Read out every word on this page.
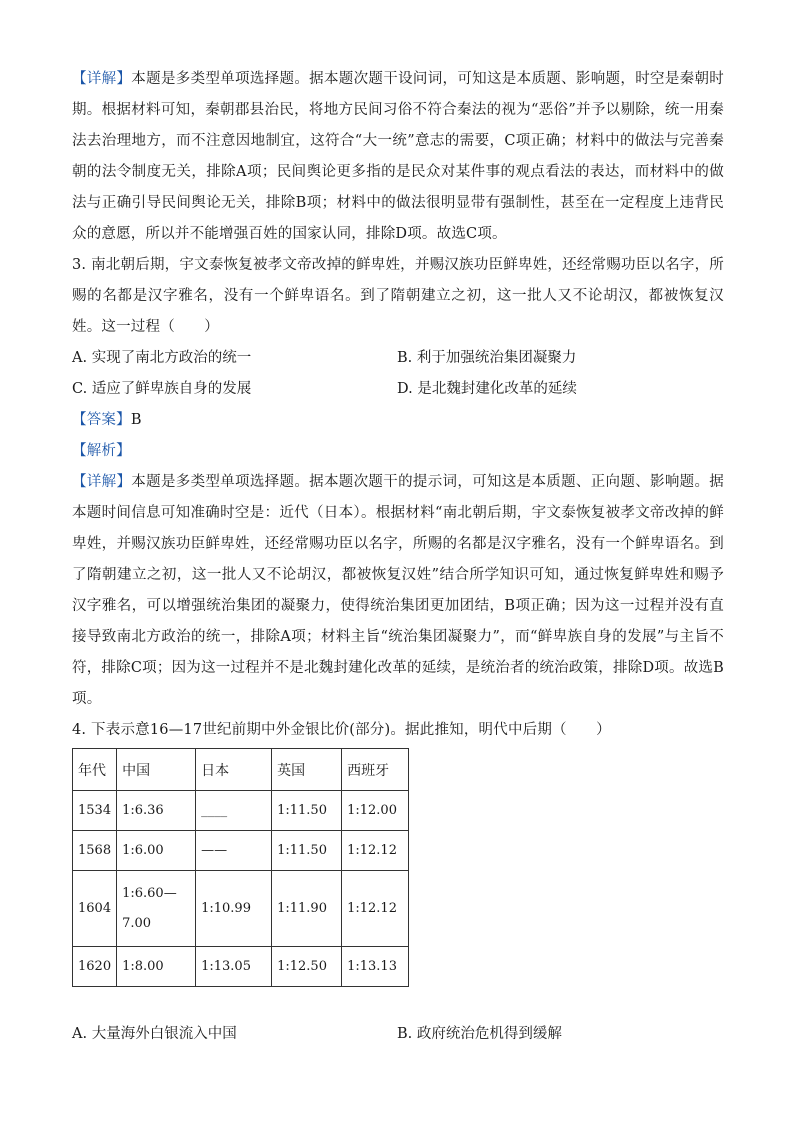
【详解】本题是多类型单项选择题。据本题次题干设问词，可知这是本质题、影响题，时空是秦朝时期。根据材料可知，秦朝郡县治民，将地方民间习俗不符合秦法的视为“恶俗”并予以剔除，统一用秦法去治理地方，而不注意因地制宜，这符合“大一统”意志的需要，C项正确；材料中的做法与完善秦朝的法令制度无关，排除A项；民间舆论更多指的是民众对某件事的观点看法的表达，而材料中的做法与正确引导民间舆论无关，排除B项；材料中的做法很明显带有强制性，甚至在一定程度上违背民众的意愿，所以并不能增强百姓的国家认同，排除D项。故选C项。

3. 南北朝后期，宇文泰恢复被孝文帝改掉的鲜卑姓，并赐汉族功臣鲜卑姓，还经常赐功臣以名字，所赐的名都是汉字雅名，没有一个鲜卑语名。到了隋朝建立之初，这一批人又不论胡汉，都被恢复汉姓。这一过程（　　）

A. 实现了南北方政治的统一	B. 利于加强统治集团凝聚力
C. 适应了鲜卑族自身的发展	D. 是北魏封建化改革的延续

【答案】B

【解析】

【详解】本题是多类型单项选择题。据本题次题干的提示词，可知这是本质题、正向题、影响题。据本题时间信息可知准确时空是：近代（日本）。根据材料“南北朝后期，宇文泰恢复被孝文帝改掉的鲜卑姓，并赐汉族功臣鲜卑姓，还经常赐功臣以名字，所赐的名都是汉字雅名，没有一个鲜卑语名。到了隋朝建立之初，这一批人又不论胡汉，都被恢复汉姓”结合所学知识可知，通过恢复鲜卑姓和赐予汉字雅名，可以增强统治集团的凝聚力，使得统治集团更加团结，B项正确；因为这一过程并没有直接导致南北方政治的统一，排除A项；材料主旨“统治集团凝聚力”，而“鲜卑族自身的发展”与主旨不符，排除C项；因为这一过程并不是北魏封建化改革的延续，是统治者的统治政策，排除D项。故选B项。

4. 下表示意16—17世纪前期中外金银比价(部分)。据此推知，明代中后期（　　）

年代	中国	日本	英国	西班牙
1534	1:6.36	____	1:11.50	1:12.00
1568	1:6.00	——	1:11.50	1:12.12
1604	1:6.60—7.00	1:10.99	1:11.90	1:12.12
1620	1:8.00	1:13.05	1:12.50	1:13.13
A. 大量海外白银流入中国	B. 政府统治危机得到缓解
